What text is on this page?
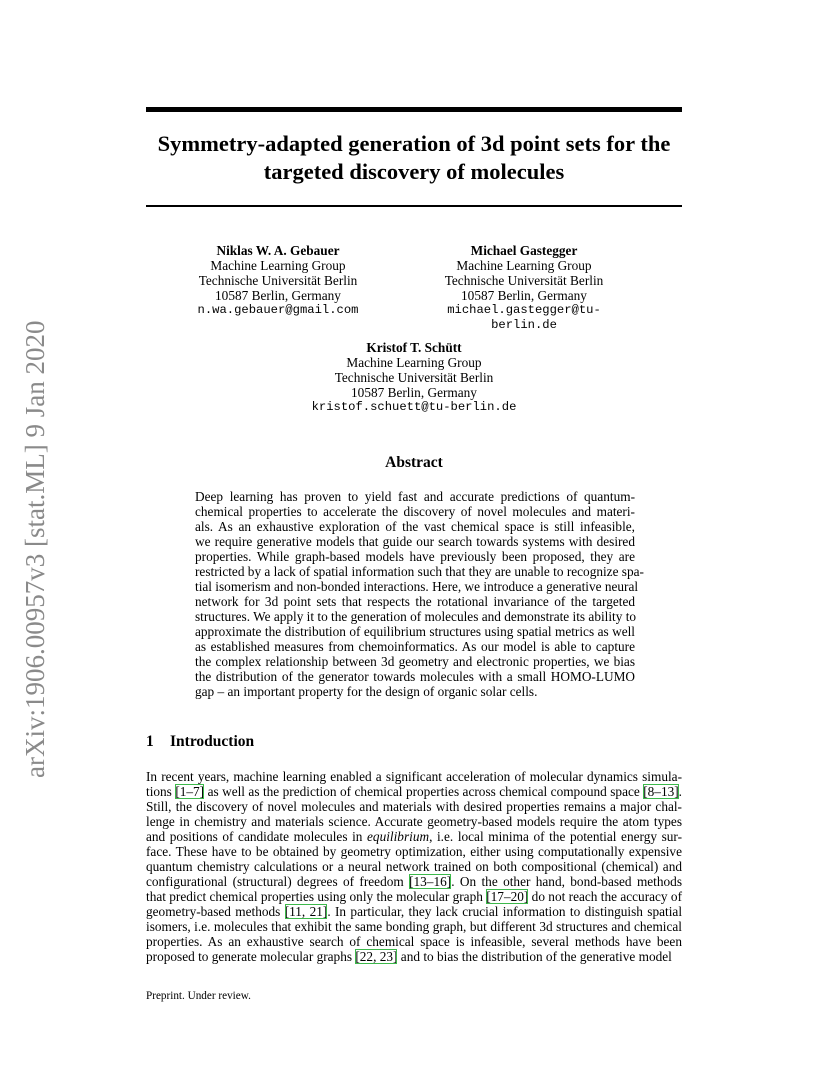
arXiv:1906.00957v3 [stat.ML] 9 Jan 2020
Symmetry-adapted generation of 3d point sets for the
targeted discovery of molecules
Niklas W. A. Gebauer
Machine Learning Group
Technische Universität Berlin
10587 Berlin, Germany
n.wa.gebauer@gmail.com
Michael Gastegger
Machine Learning Group
Technische Universität Berlin
10587 Berlin, Germany
michael.gastegger@tu-berlin.de
Kristof T. Schütt
Machine Learning Group
Technische Universität Berlin
10587 Berlin, Germany
kristof.schuett@tu-berlin.de
Abstract
Deep learning has proven to yield fast and accurate predictions of quantum-
chemical properties to accelerate the discovery of novel molecules and materi-
als. As an exhaustive exploration of the vast chemical space is still infeasible,
we require generative models that guide our search towards systems with desired
properties. While graph-based models have previously been proposed, they are
restricted by a lack of spatial information such that they are unable to recognize spa-
tial isomerism and non-bonded interactions. Here, we introduce a generative neural
network for 3d point sets that respects the rotational invariance of the targeted
structures. We apply it to the generation of molecules and demonstrate its ability to
approximate the distribution of equilibrium structures using spatial metrics as well
as established measures from chemoinformatics. As our model is able to capture
the complex relationship between 3d geometry and electronic properties, we bias
the distribution of the generator towards molecules with a small HOMO-LUMO
gap – an important property for the design of organic solar cells.
1 Introduction
In recent years, machine learning enabled a significant acceleration of molecular dynamics simula-
tions [1–7] as well as the prediction of chemical properties across chemical compound space [8–13].
Still, the discovery of novel molecules and materials with desired properties remains a major chal-
lenge in chemistry and materials science. Accurate geometry-based models require the atom types
and positions of candidate molecules in equilibrium, i.e. local minima of the potential energy sur-
face. These have to be obtained by geometry optimization, either using computationally expensive
quantum chemistry calculations or a neural network trained on both compositional (chemical) and
configurational (structural) degrees of freedom [13–16]. On the other hand, bond-based methods
that predict chemical properties using only the molecular graph [17–20] do not reach the accuracy of
geometry-based methods [11, 21]. In particular, they lack crucial information to distinguish spatial
isomers, i.e. molecules that exhibit the same bonding graph, but different 3d structures and chemical
properties. As an exhaustive search of chemical space is infeasible, several methods have been
proposed to generate molecular graphs [22, 23] and to bias the distribution of the generative model
Preprint. Under review.
